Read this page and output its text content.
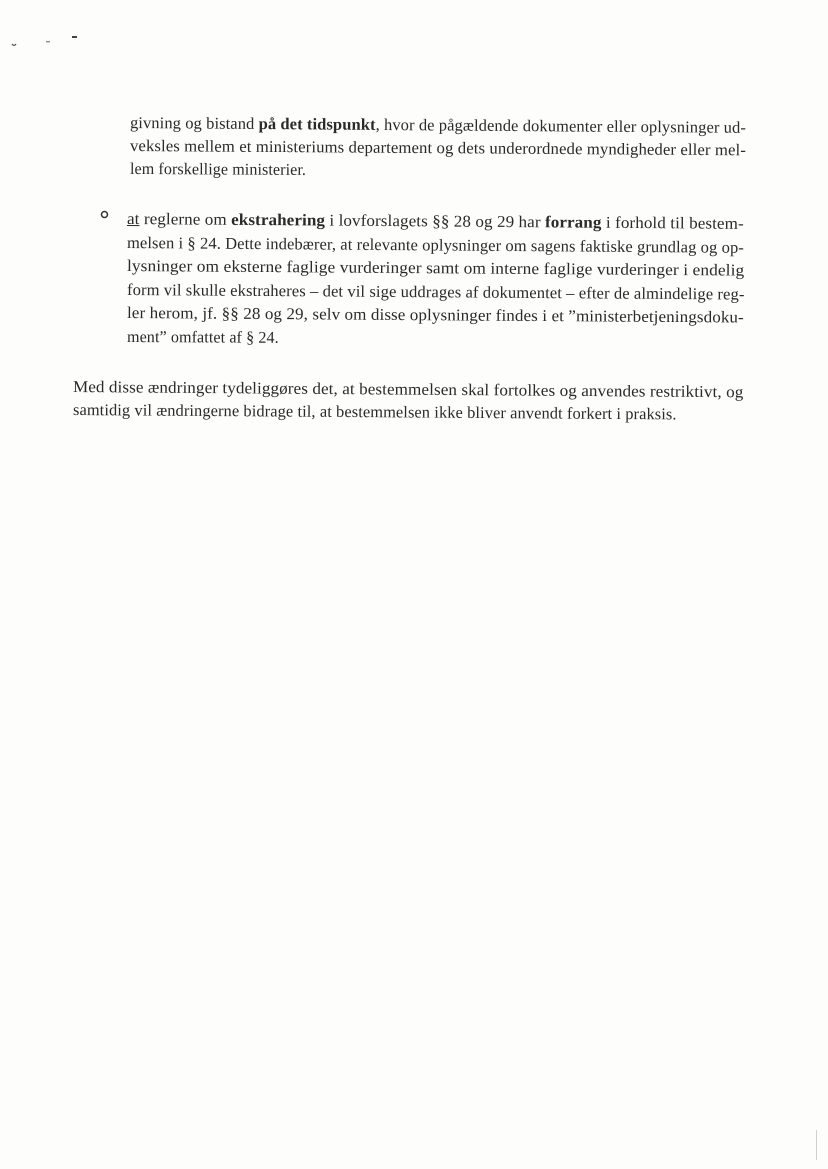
givning og bistand på det tidspunkt, hvor de pågældende dokumenter eller oplysninger ud-
veksles mellem et ministeriums departement og dets underordnede myndigheder eller mel-
lem forskellige ministerier.
at reglerne om ekstrahering i lovforslagets §§ 28 og 29 har forrang i forhold til bestem-
melsen i § 24. Dette indebærer, at relevante oplysninger om sagens faktiske grundlag og op-
lysninger om eksterne faglige vurderinger samt om interne faglige vurderinger i endelig
form vil skulle ekstraheres – det vil sige uddrages af dokumentet – efter de almindelige reg-
ler herom, jf. §§ 28 og 29, selv om disse oplysninger findes i et ”ministerbetjeningsdoku-
ment” omfattet af § 24.
Med disse ændringer tydeliggøres det, at bestemmelsen skal fortolkes og anvendes restriktivt, og
samtidig vil ændringerne bidrage til, at bestemmelsen ikke bliver anvendt forkert i praksis.
